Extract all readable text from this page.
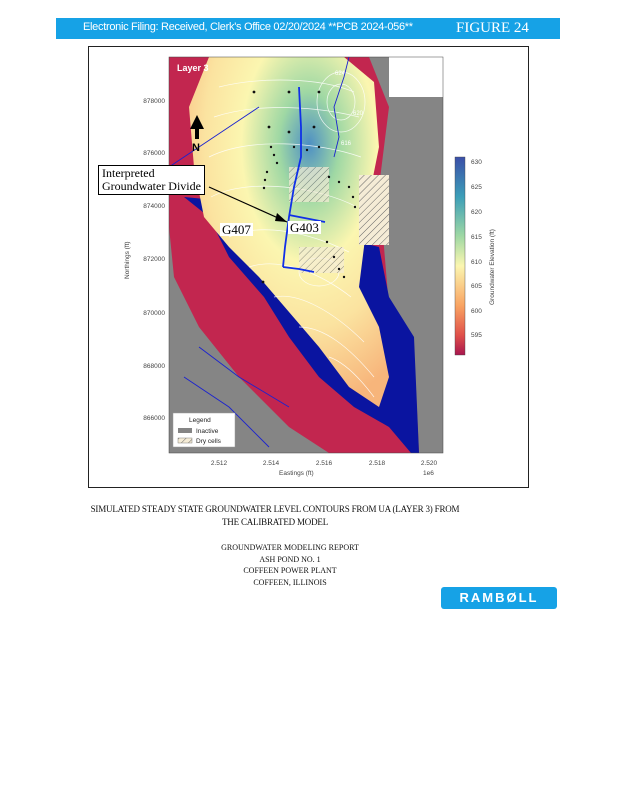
Electronic Filing: Received, Clerk's Office 02/20/2024 **PCB 2024-056**	FIGURE 24
624
620
616
N
Layer 3
Legend
Inactive
Dry cells
878000
876000
874000
872000
870000
868000
866000
Northings (ft)
2.512	2.514	2.516	2.518	2.520
Eastings (ft)	1e6
630
625
620
615
610
605
600
595
Groundwater Elevation (ft)
Interpreted
Groundwater Divide
G407	G403
SIMULATED STEADY STATE GROUNDWATER LEVEL CONTOURS FROM UA (LAYER 3) FROM
THE CALIBRATED MODEL
GROUNDWATER MODELING REPORT
ASH POND NO. 1
COFFEEN POWER PLANT
COFFEEN, ILLINOIS
RAMBØLL
